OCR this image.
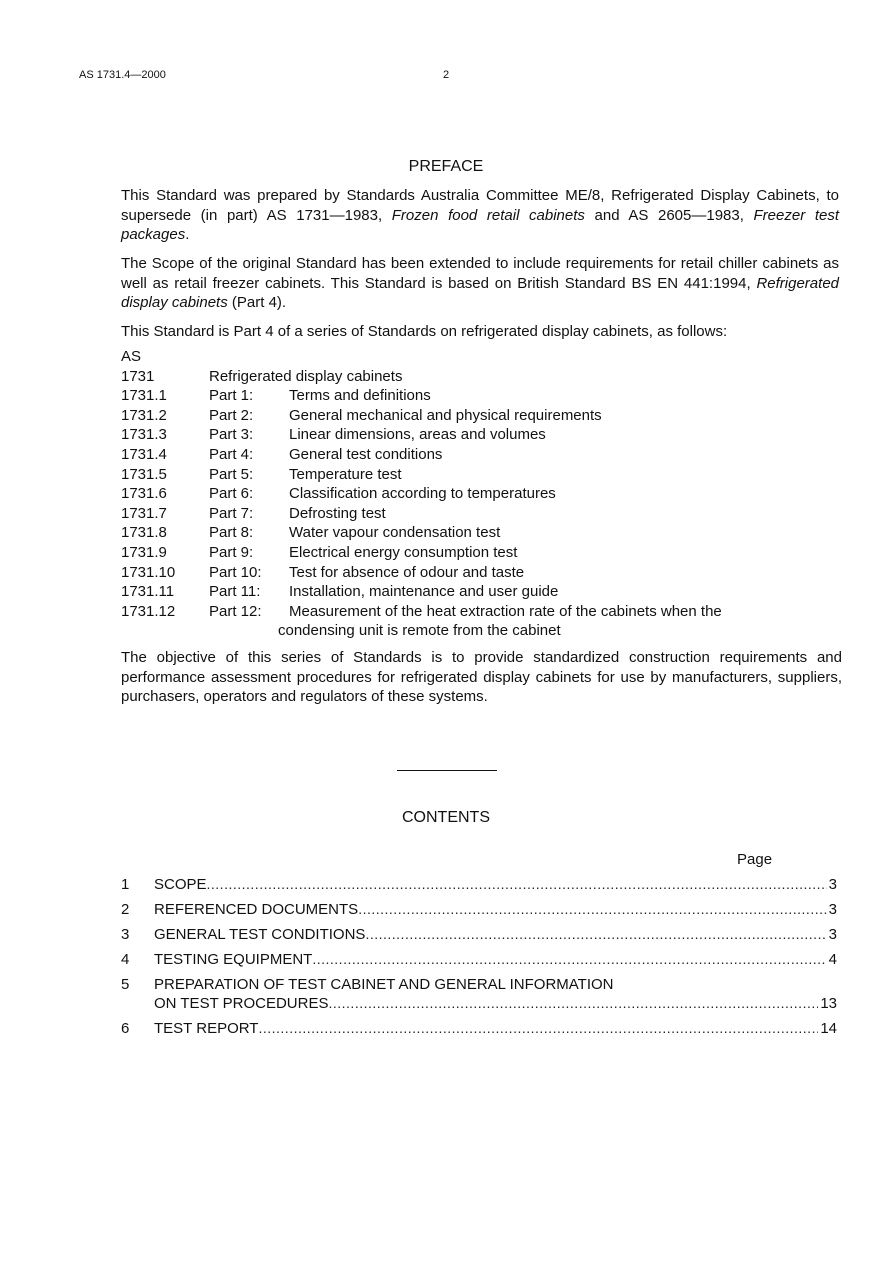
AS 1731.4—2000	2
PREFACE
This Standard was prepared by Standards Australia Committee ME/8, Refrigerated Display Cabinets, to supersede (in part) AS 1731—1983, Frozen food retail cabinets and AS 2605—1983, Freezer test packages.
The Scope of the original Standard has been extended to include requirements for retail chiller cabinets as well as retail freezer cabinets. This Standard is based on British Standard BS EN 441:1994, Refrigerated display cabinets (Part 4).
This Standard is Part 4 of a series of Standards on refrigerated display cabinets, as follows:
AS
1731	Refrigerated display cabinets
1731.1	Part 1:	Terms and definitions
1731.2	Part 2:	General mechanical and physical requirements
1731.3	Part 3:	Linear dimensions, areas and volumes
1731.4	Part 4:	General test conditions
1731.5	Part 5:	Temperature test
1731.6	Part 6:	Classification according to temperatures
1731.7	Part 7:	Defrosting test
1731.8	Part 8:	Water vapour condensation test
1731.9	Part 9:	Electrical energy consumption test
1731.10	Part 10:	Test for absence of odour and taste
1731.11	Part 11:	Installation, maintenance and user guide
1731.12	Part 12:	Measurement of the heat extraction rate of the cabinets when the
condensing unit is remote from the cabinet
The objective of this series of Standards is to provide standardized construction requirements and performance assessment procedures for refrigerated display cabinets for use by manufacturers, suppliers, purchasers, operators and regulators of these systems.
CONTENTS
Page
1	SCOPE .....	3
2	REFERENCED DOCUMENTS .....	3
3	GENERAL TEST CONDITIONS .....	3
4	TESTING EQUIPMENT .....	4
5	PREPARATION OF TEST CABINET AND GENERAL INFORMATION
ON TEST PROCEDURES .....	13
6	TEST REPORT .....	14
